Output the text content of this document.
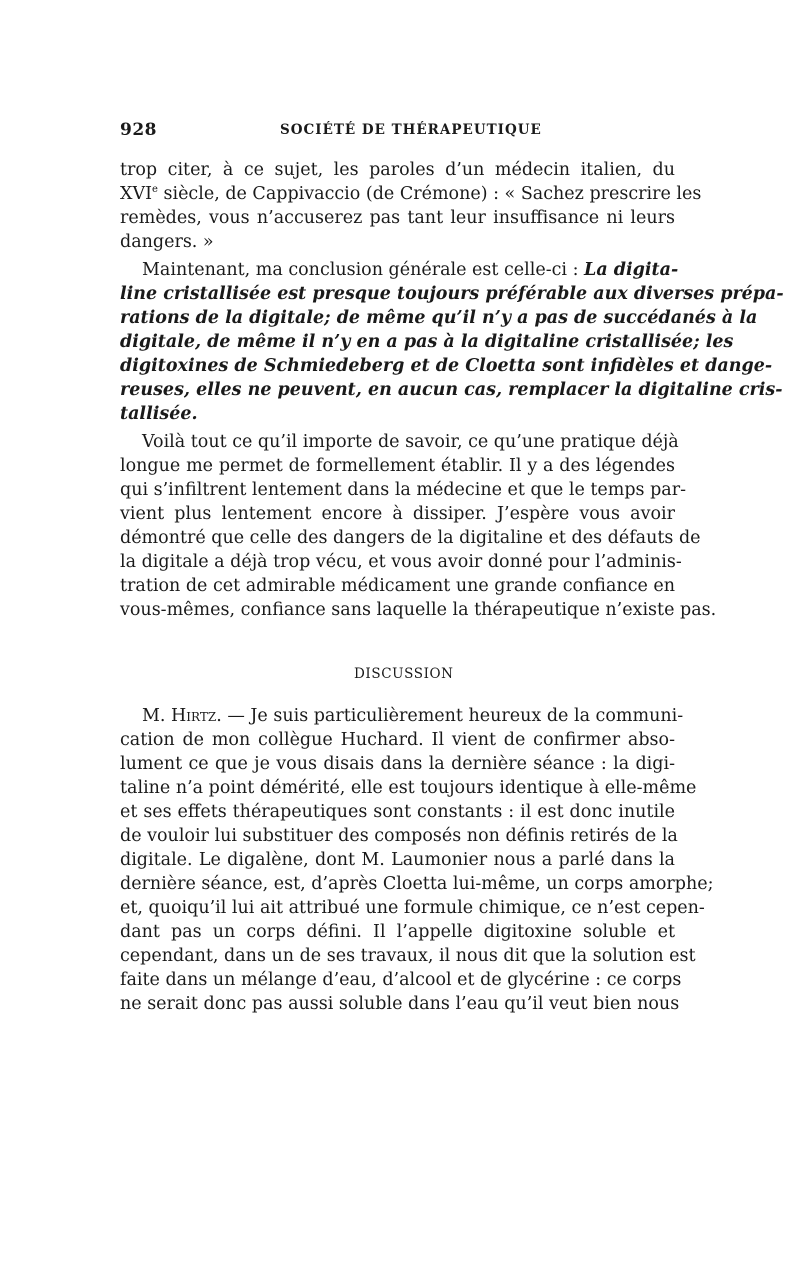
928	SOCIÉTÉ DE THÉRAPEUTIQUE
trop citer, à ce sujet, les paroles d’un médecin italien, du
XVIe siècle, de Cappivaccio (de Crémone) : « Sachez prescrire les
remèdes, vous n’accuserez pas tant leur insuffisance ni leurs
dangers. »
Maintenant, ma conclusion générale est celle-ci : La digita-
line cristallisée est presque toujours préférable aux diverses prépa-
rations de la digitale; de même qu’il n’y a pas de succédanés à la
digitale, de même il n’y en a pas à la digitaline cristallisée; les
digitoxines de Schmiedeberg et de Cloetta sont infidèles et dange-
reuses, elles ne peuvent, en aucun cas, remplacer la digitaline cris-
tallisée.
Voilà tout ce qu’il importe de savoir, ce qu’une pratique déjà
longue me permet de formellement établir. Il y a des légendes
qui s’infiltrent lentement dans la médecine et que le temps par-
vient plus lentement encore à dissiper. J’espère vous avoir
démontré que celle des dangers de la digitaline et des défauts de
la digitale a déjà trop vécu, et vous avoir donné pour l’adminis-
tration de cet admirable médicament une grande confiance en
vous-mêmes, confiance sans laquelle la thérapeutique n’existe pas.
DISCUSSION
M. Hirtz. — Je suis particulièrement heureux de la communi-
cation de mon collègue Huchard. Il vient de confirmer abso-
lument ce que je vous disais dans la dernière séance : la digi-
taline n’a point démérité, elle est toujours identique à elle-même
et ses effets thérapeutiques sont constants : il est donc inutile
de vouloir lui substituer des composés non définis retirés de la
digitale. Le digalène, dont M. Laumonier nous a parlé dans la
dernière séance, est, d’après Cloetta lui-même, un corps amorphe;
et, quoiqu’il lui ait attribué une formule chimique, ce n’est cepen-
dant pas un corps défini. Il l’appelle digitoxine soluble et
cependant, dans un de ses travaux, il nous dit que la solution est
faite dans un mélange d’eau, d’alcool et de glycérine : ce corps
ne serait donc pas aussi soluble dans l’eau qu’il veut bien nous
